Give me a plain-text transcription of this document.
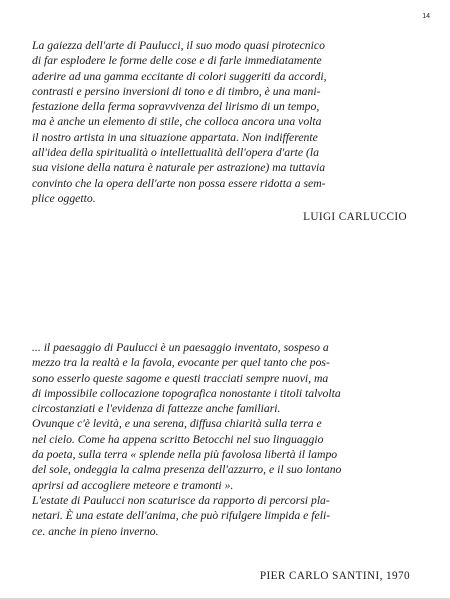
14
La gaiezza dell'arte di Paulucci, il suo modo quasi pirotecnico
di far esplodere le forme delle cose e di farle immediatamente
aderire ad una gamma eccitante di colori suggeriti da accordi,
contrasti e persino inversioni di tono e di timbro, è una mani-
festazione della ferma sopravvivenza del lirismo di un tempo,
ma è anche un elemento di stile, che colloca ancora una volta
il nostro artista in una situazione appartata. Non indifferente
all'idea della spiritualità o intellettualità dell'opera d'arte (la
sua visione della natura è naturale per astrazione) ma tuttavia
convinto che la opera dell'arte non possa essere ridotta a sem-
plice oggetto.
LUIGI CARLUCCIO
... il paesaggio di Paulucci è un paesaggio inventato, sospeso a
mezzo tra la realtà e la favola, evocante per quel tanto che pos-
sono esserlo queste sagome e questi tracciati sempre nuovi, ma
di impossibile collocazione topografica nonostante i titoli talvolta
circostanziati e l'evidenza di fattezze anche familiari.
Ovunque c'è levità, e una serena, diffusa chiarità sulla terra e
nel cielo. Come ha appena scritto Betocchi nel suo linguaggio
da poeta, sulla terra « splende nella più favolosa libertà il lampo
del sole, ondeggia la calma presenza dell'azzurro, e il suo lontano
aprirsi ad accogliere meteore e tramonti ».
L'estate di Paulucci non scaturisce da rapporto di percorsi pla-
netari. È una estate dell'anima, che può rifulgere limpida e feli-
ce. anche in pieno inverno.
PIER CARLO SANTINI, 1970
